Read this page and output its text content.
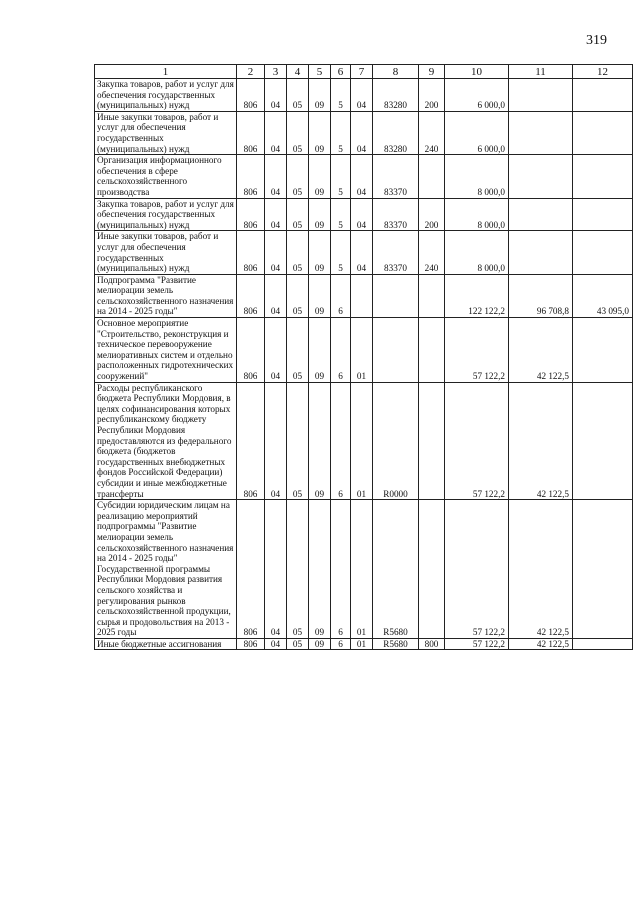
319
1	2	3	4	5	6	7	8	9	10	11	12
Закупка товаров, работ и услуг для обеспечения государственных (муниципальных) нужд	806	04	05	09	5	04	83280	200	6 000,0		
Иные закупки товаров, работ и услуг для обеспечения государственных (муниципальных) нужд	806	04	05	09	5	04	83280	240	6 000,0		
Организация информационного обеспечения в сфере сельскохозяйственного производства	806	04	05	09	5	04	83370		8 000,0		
Закупка товаров, работ и услуг для обеспечения государственных (муниципальных) нужд	806	04	05	09	5	04	83370	200	8 000,0		
Иные закупки товаров, работ и услуг для обеспечения государственных (муниципальных) нужд	806	04	05	09	5	04	83370	240	8 000,0		
Подпрограмма "Развитие мелиорации земель сельскохозяйственного назначения на 2014 - 2025 годы"	806	04	05	09	6				122 122,2	96 708,8	43 095,0
Основное мероприятие "Строительство, реконструкция и техническое перевооружение мелиоративных систем и отдельно расположенных гидротехнических сооружений"	806	04	05	09	6	01			57 122,2	42 122,5	
Расходы республиканского бюджета Республики Мордовия, в целях софинансирования которых республиканскому бюджету Республики Мордовия предоставляются из федерального бюджета (бюджетов государственных внебюджетных фондов Российской Федерации) субсидии и иные межбюджетные трансферты	806	04	05	09	6	01	R0000		57 122,2	42 122,5	
Субсидии юридическим лицам на реализацию мероприятий подпрограммы "Развитие мелиорации земель сельскохозяйственного назначения на 2014 - 2025 годы" Государственной программы Республики Мордовия развития сельского хозяйства и регулирования рынков сельскохозяйственной продукции, сырья и продовольствия на 2013 - 2025 годы	806	04	05	09	6	01	R5680		57 122,2	42 122,5	
Иные бюджетные ассигнования	806	04	05	09	6	01	R5680	800	57 122,2	42 122,5	
